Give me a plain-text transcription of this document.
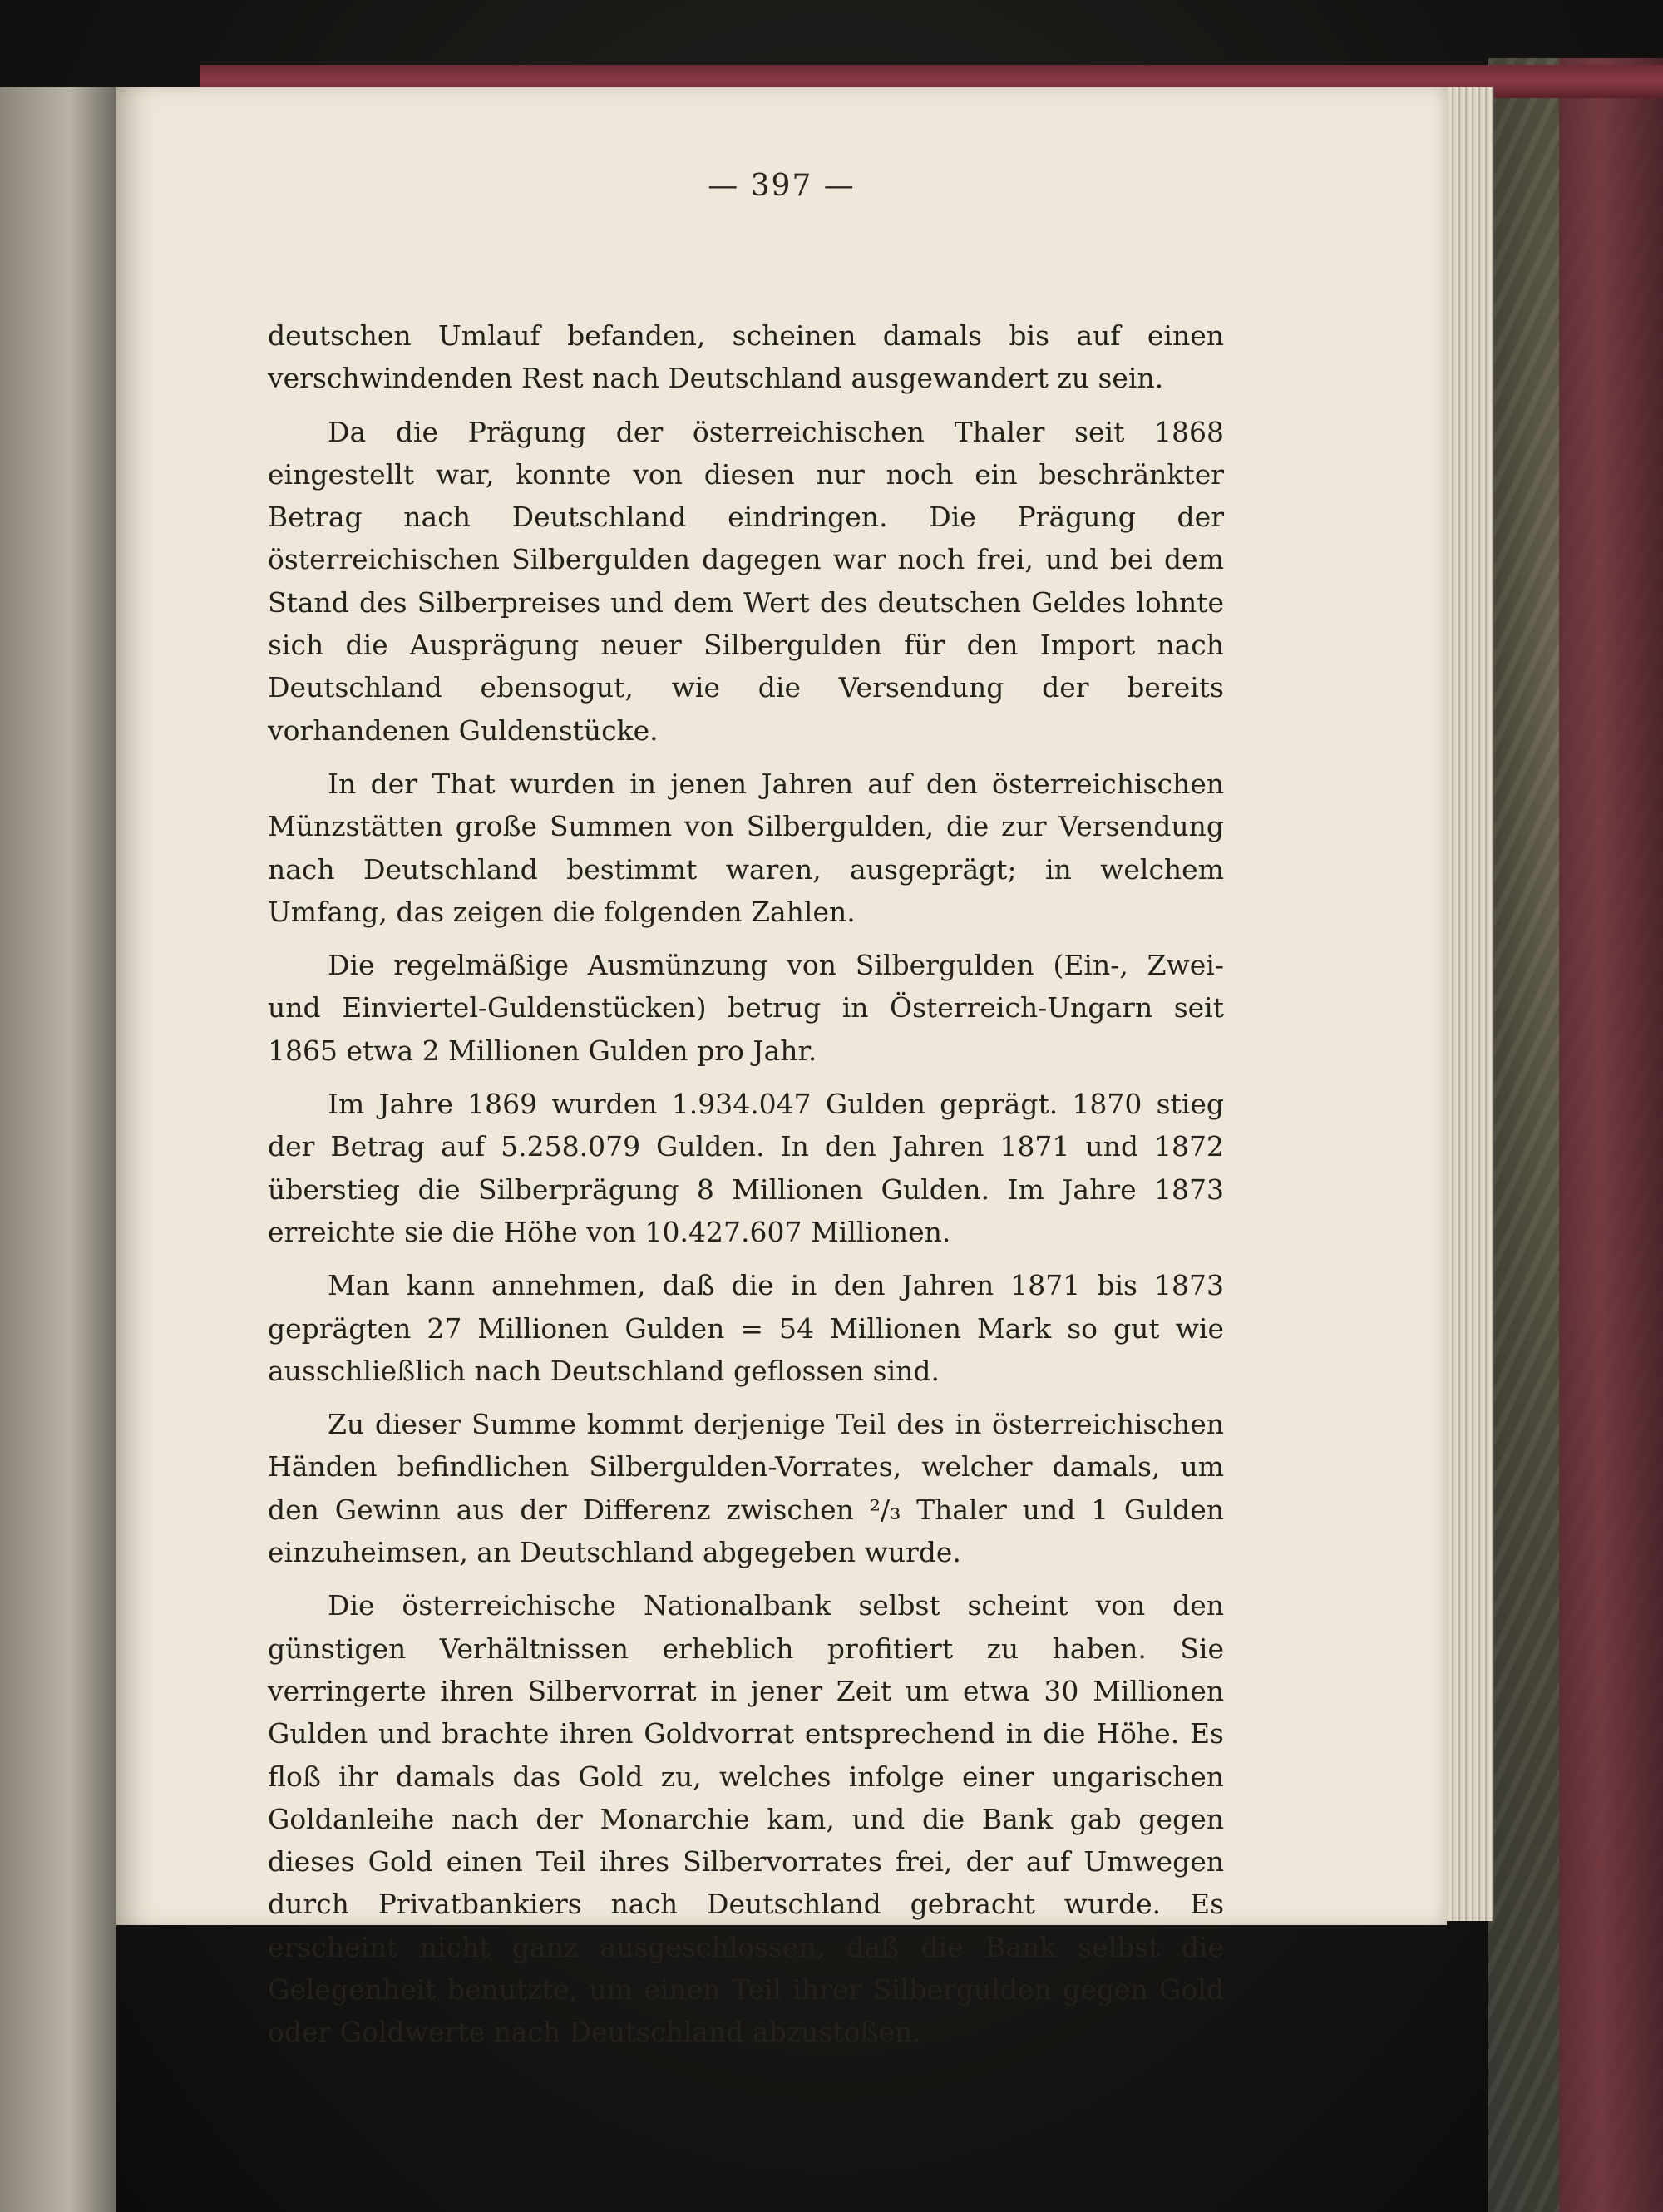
— 397 —

deutschen Umlauf befanden, scheinen damals bis auf einen verschwindenden Rest nach Deutschland ausgewandert zu sein.

Da die Prägung der österreichischen Thaler seit 1868 eingestellt war, konnte von diesen nur noch ein beschränkter Betrag nach Deutschland eindringen. Die Prägung der österreichischen Silbergulden dagegen war noch frei, und bei dem Stand des Silberpreises und dem Wert des deutschen Geldes lohnte sich die Ausprägung neuer Silbergulden für den Import nach Deutschland ebensogut, wie die Versendung der bereits vorhandenen Guldenstücke.

In der That wurden in jenen Jahren auf den österreichischen Münzstätten große Summen von Silbergulden, die zur Versendung nach Deutschland bestimmt waren, ausgeprägt; in welchem Umfang, das zeigen die folgenden Zahlen.

Die regelmäßige Ausmünzung von Silbergulden (Ein-, Zwei- und Einviertel-Guldenstücken) betrug in Österreich-Ungarn seit 1865 etwa 2 Millionen Gulden pro Jahr.

Im Jahre 1869 wurden 1.934.047 Gulden geprägt. 1870 stieg der Betrag auf 5.258.079 Gulden. In den Jahren 1871 und 1872 überstieg die Silberprägung 8 Millionen Gulden. Im Jahre 1873 erreichte sie die Höhe von 10.427.607 Millionen.

Man kann annehmen, daß die in den Jahren 1871 bis 1873 geprägten 27 Millionen Gulden = 54 Millionen Mark so gut wie ausschließlich nach Deutschland geflossen sind.

Zu dieser Summe kommt derjenige Teil des in österreichischen Händen befindlichen Silbergulden-Vorrates, welcher damals, um den Gewinn aus der Differenz zwischen ²/₃ Thaler und 1 Gulden einzuheimsen, an Deutschland abgegeben wurde.

Die österreichische Nationalbank selbst scheint von den günstigen Verhältnissen erheblich profitiert zu haben. Sie verringerte ihren Silbervorrat in jener Zeit um etwa 30 Millionen Gulden und brachte ihren Goldvorrat entsprechend in die Höhe. Es floß ihr damals das Gold zu, welches infolge einer ungarischen Goldanleihe nach der Monarchie kam, und die Bank gab gegen dieses Gold einen Teil ihres Silbervorrates frei, der auf Umwegen durch Privatbankiers nach Deutschland gebracht wurde. Es erscheint nicht ganz ausgeschlossen, daß die Bank selbst die Gelegenheit benutzte, um einen Teil ihrer Silbergulden gegen Gold oder Goldwerte nach Deutschland abzustoßen.
